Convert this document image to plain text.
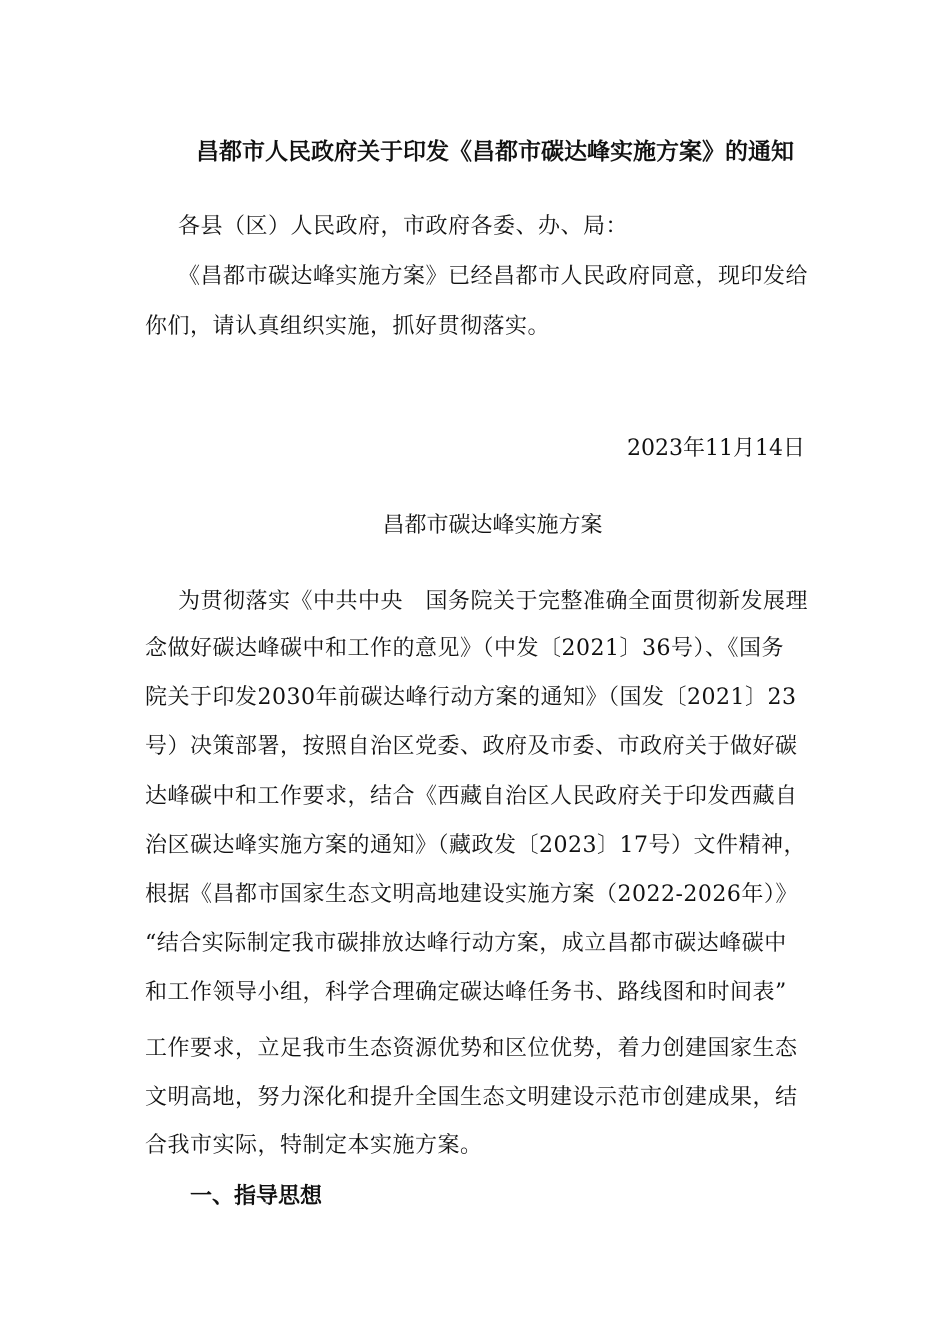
昌都市人民政府关于印发《昌都市碳达峰实施方案》的通知
各县（区）人民政府，市政府各委、办、局：
《昌都市碳达峰实施方案》已经昌都市人民政府同意，现印发给
你们，请认真组织实施，抓好贯彻落实。
2023年11月14日
昌都市碳达峰实施方案
为贯彻落实《中共中央　国务院关于完整准确全面贯彻新发展理
念做好碳达峰碳中和工作的意见》（中发〔2021〕36号）、《国务
院关于印发2030年前碳达峰行动方案的通知》（国发〔2021〕23
号）决策部署，按照自治区党委、政府及市委、市政府关于做好碳
达峰碳中和工作要求，结合《西藏自治区人民政府关于印发西藏自
治区碳达峰实施方案的通知》（藏政发〔2023〕17号）文件精神，
根据《昌都市国家生态文明高地建设实施方案（2022-2026年）》
“结合实际制定我市碳排放达峰行动方案，成立昌都市碳达峰碳中
和工作领导小组，科学合理确定碳达峰任务书、路线图和时间表”
工作要求，立足我市生态资源优势和区位优势，着力创建国家生态
文明高地，努力深化和提升全国生态文明建设示范市创建成果，结
合我市实际，特制定本实施方案。
一、指导思想
